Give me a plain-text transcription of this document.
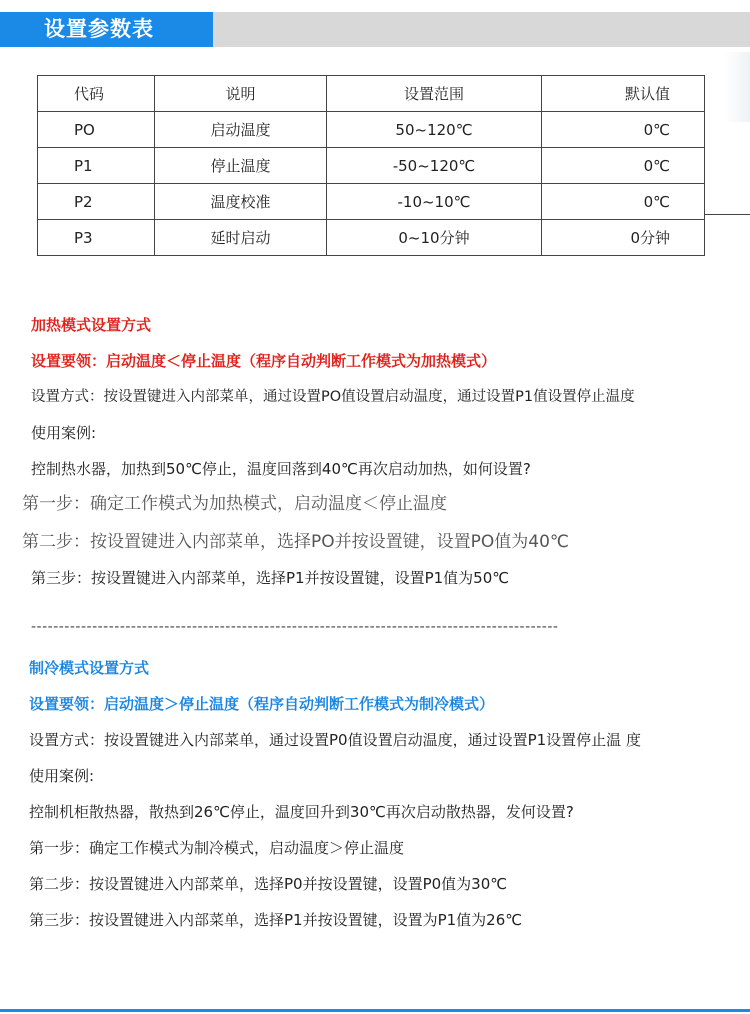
设置参数表
代码	说明	设置范围	默认值
PO	启动温度	50~120℃	0℃
P1	停止温度	-50~120℃	0℃
P2	温度校准	-10~10℃	0℃
P3	延时启动	0~10分钟	0分钟
加热模式设置方式
设置要领：启动温度＜停止温度（程序自动判断工作模式为加热模式）
设置方式：按设置键进入内部菜单，通过设置PO值设置启动温度，通过设置P1值设置停止温度
使用案例:
控制热水器，加热到50℃停止，温度回落到40℃再次启动加热，如何设置?
第一步：确定工作模式为加热模式，启动温度＜停止温度
第二步：按设置键进入内部菜单，选择PO并按设置键，设置PO值为40℃
第三步：按设置键进入内部菜单，选择P1并按设置键，设置P1值为50℃
-----------------------------------------------------------------------------------------------
制冷模式设置方式
设置要领：启动温度＞停止温度（程序自动判断工作模式为制冷模式）
设置方式：按设置键进入内部菜单，通过设置P0值设置启动温度，通过设置P1设置停止温 度
使用案例:
控制机柜散热器，散热到26℃停止，温度回升到30℃再次启动散热器，发何设置?
第一步：确定工作模式为制冷模式，启动温度＞停止温度
第二步：按设置键进入内部菜单，选择P0并按设置键，设置P0值为30℃
第三步：按设置键进入内部菜单，选择P1并按设置键，设置为P1值为26℃
